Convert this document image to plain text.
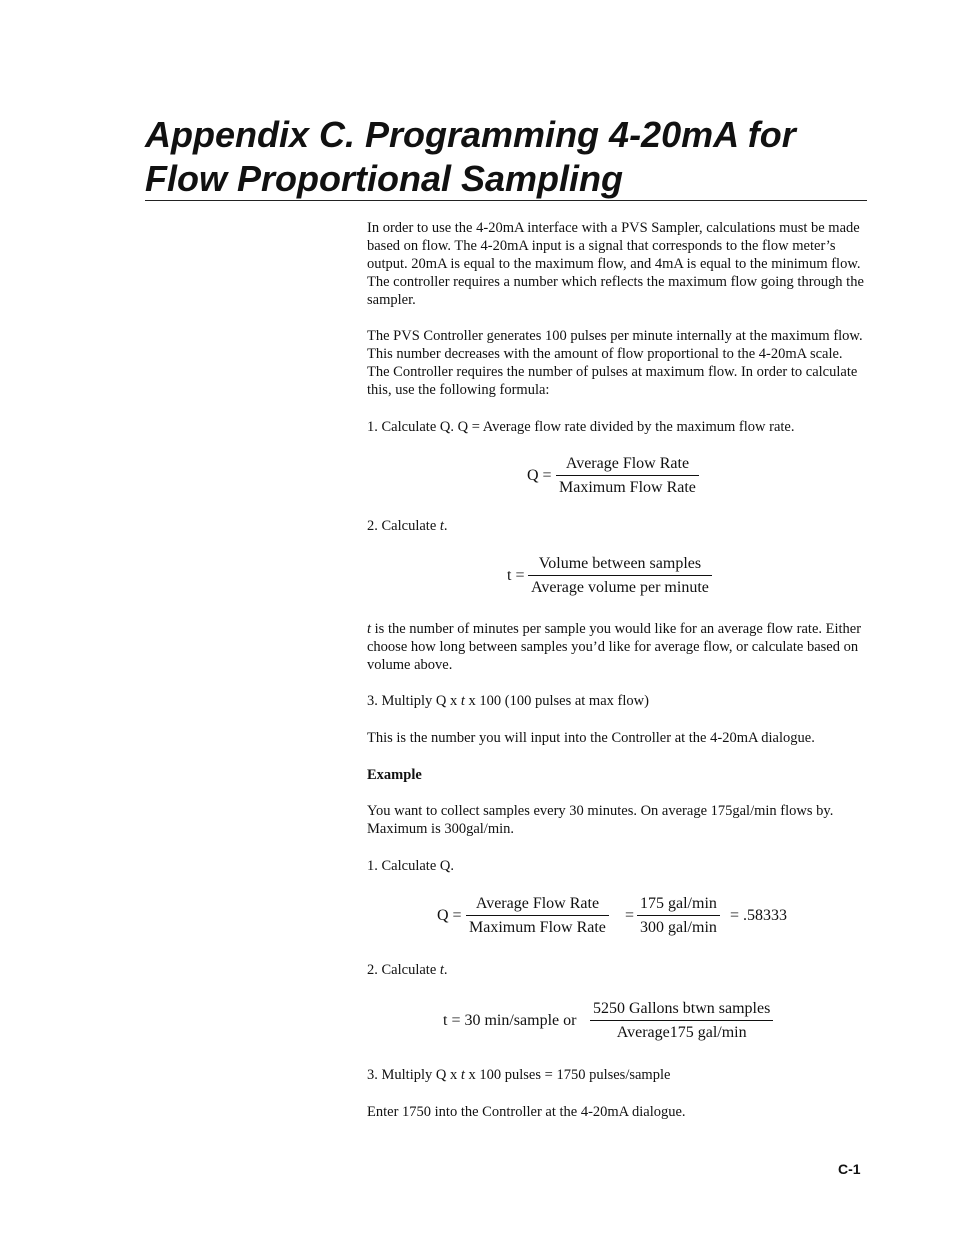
Appendix C. Programming 4-20mA for
Flow Proportional Sampling

In order to use the 4-20mA interface with a PVS Sampler, calculations must be made based on flow. The 4-20mA input is a signal that corresponds to the flow meter’s output. 20mA is equal to the maximum flow, and 4mA is equal to the minimum flow. The controller requires a number which reflects the maximum flow going through the sampler.

The PVS Controller generates 100 pulses per minute internally at the maximum flow. This number decreases with the amount of flow proportional to the 4-20mA scale. The Controller requires the number of pulses at maximum flow. In order to calculate this, use the following formula:

1. Calculate Q. Q = Average flow rate divided by the maximum flow rate.

Q =
Average Flow Rate
Maximum Flow Rate

2. Calculate t.

t =
Volume between samples
Average volume per minute

t is the number of minutes per sample you would like for an average flow rate. Either choose how long between samples you’d like for average flow, or calculate based on volume above.

3. Multiply Q x t x 100 (100 pulses at max flow)

This is the number you will input into the Controller at the 4-20mA dialogue.

Example

You want to collect samples every 30 minutes. On average 175gal/min flows by. Maximum is 300gal/min.

1. Calculate Q.

Q =
Average Flow Rate
Maximum Flow Rate
=
175 gal/min
300 gal/min
= .58333

2. Calculate t.

t = 30 min/sample or
5250 Gallons btwn samples
Average175 gal/min

3. Multiply Q x t x 100 pulses = 1750 pulses/sample

Enter 1750 into the Controller at the 4-20mA dialogue.

C-1
